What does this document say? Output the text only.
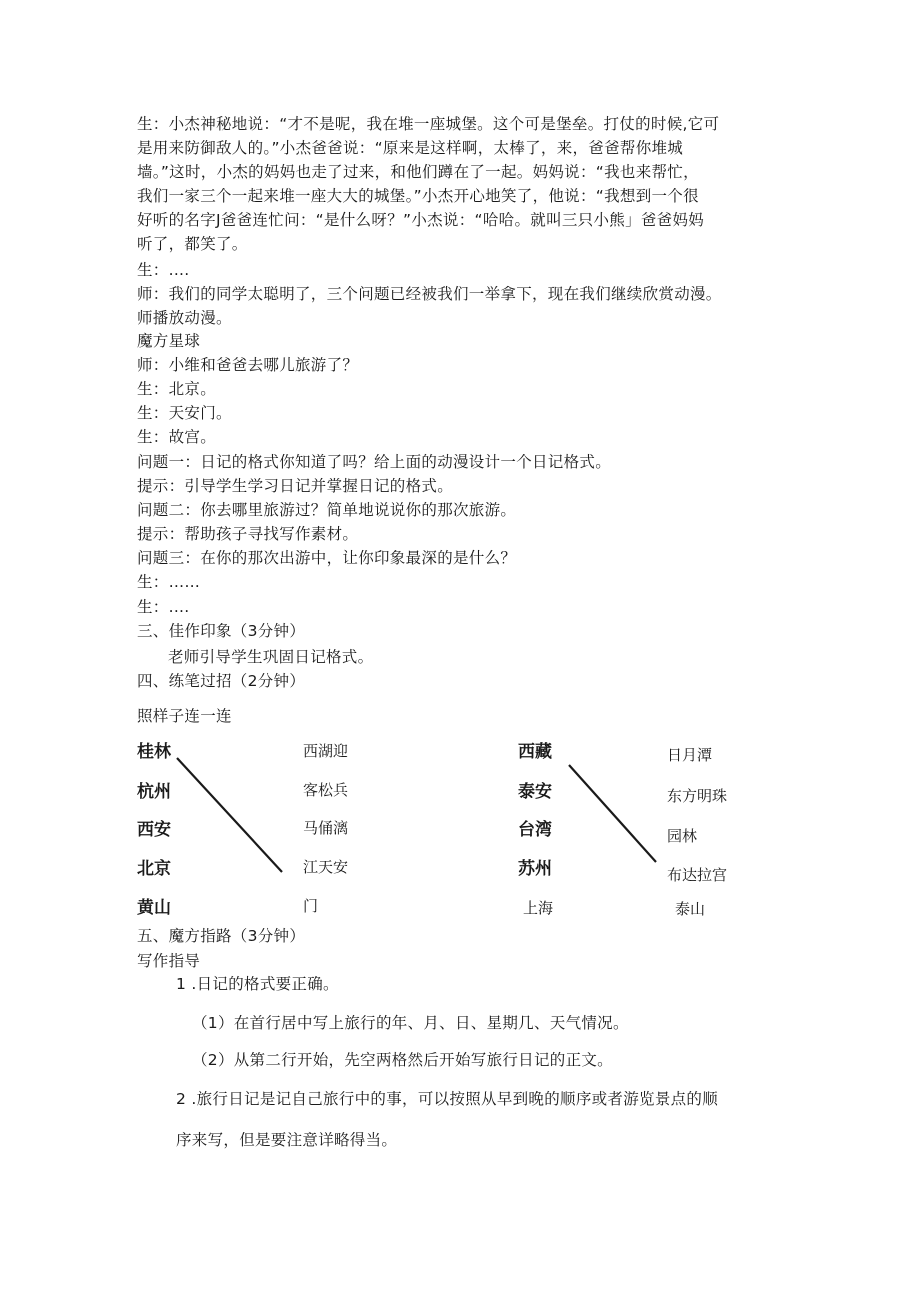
生：小杰神秘地说：“才不是呢，我在堆一座城堡。这个可是堡垒。打仗的时候,它可
是用来防御敌人的。”小杰爸爸说：“原来是这样啊，太棒了，来，爸爸帮你堆城
墙。”这时，小杰的妈妈也走了过来，和他们蹲在了一起。妈妈说：“我也来帮忙，
我们一家三个一起来堆一座大大的城堡。”小杰开心地笑了，他说：“我想到一个很
好听的名字J爸爸连忙问：“是什么呀？”小杰说：“哈哈。就叫三只小熊」爸爸妈妈
听了，都笑了。
生：....
师：我们的同学太聪明了，三个问题已经被我们一举拿下，现在我们继续欣赏动漫。
师播放动漫。
魔方星球
师：小维和爸爸去哪儿旅游了？
生：北京。
生：天安门。
生：故宫。
问题一：日记的格式你知道了吗？给上面的动漫设计一个日记格式。
提示：引导学生学习日记并掌握日记的格式。
问题二：你去哪里旅游过？简单地说说你的那次旅游。
提示：帮助孩子寻找写作素材。
问题三：在你的那次出游中，让你印象最深的是什么？
生：……
生：....
三、佳作印象（3分钟）
老师引导学生巩固日记格式。
四、练笔过招（2分钟）
照样子连一连
桂林
杭州
西安
北京
黄山
西湖迎
客松兵
马俑漓
江天安
门
西藏
泰安
台湾
苏州
上海
日月潭
东方明珠
园林
布达拉宫
泰山
五、魔方指路（3分钟）
写作指导
1 .日记的格式要正确。
（1）在首行居中写上旅行的年、月、日、星期几、天气情况。
（2）从第二行开始，先空两格然后开始写旅行日记的正文。
2 .旅行日记是记自己旅行中的事，可以按照从早到晚的顺序或者游览景点的顺
序来写，但是要注意详略得当。
